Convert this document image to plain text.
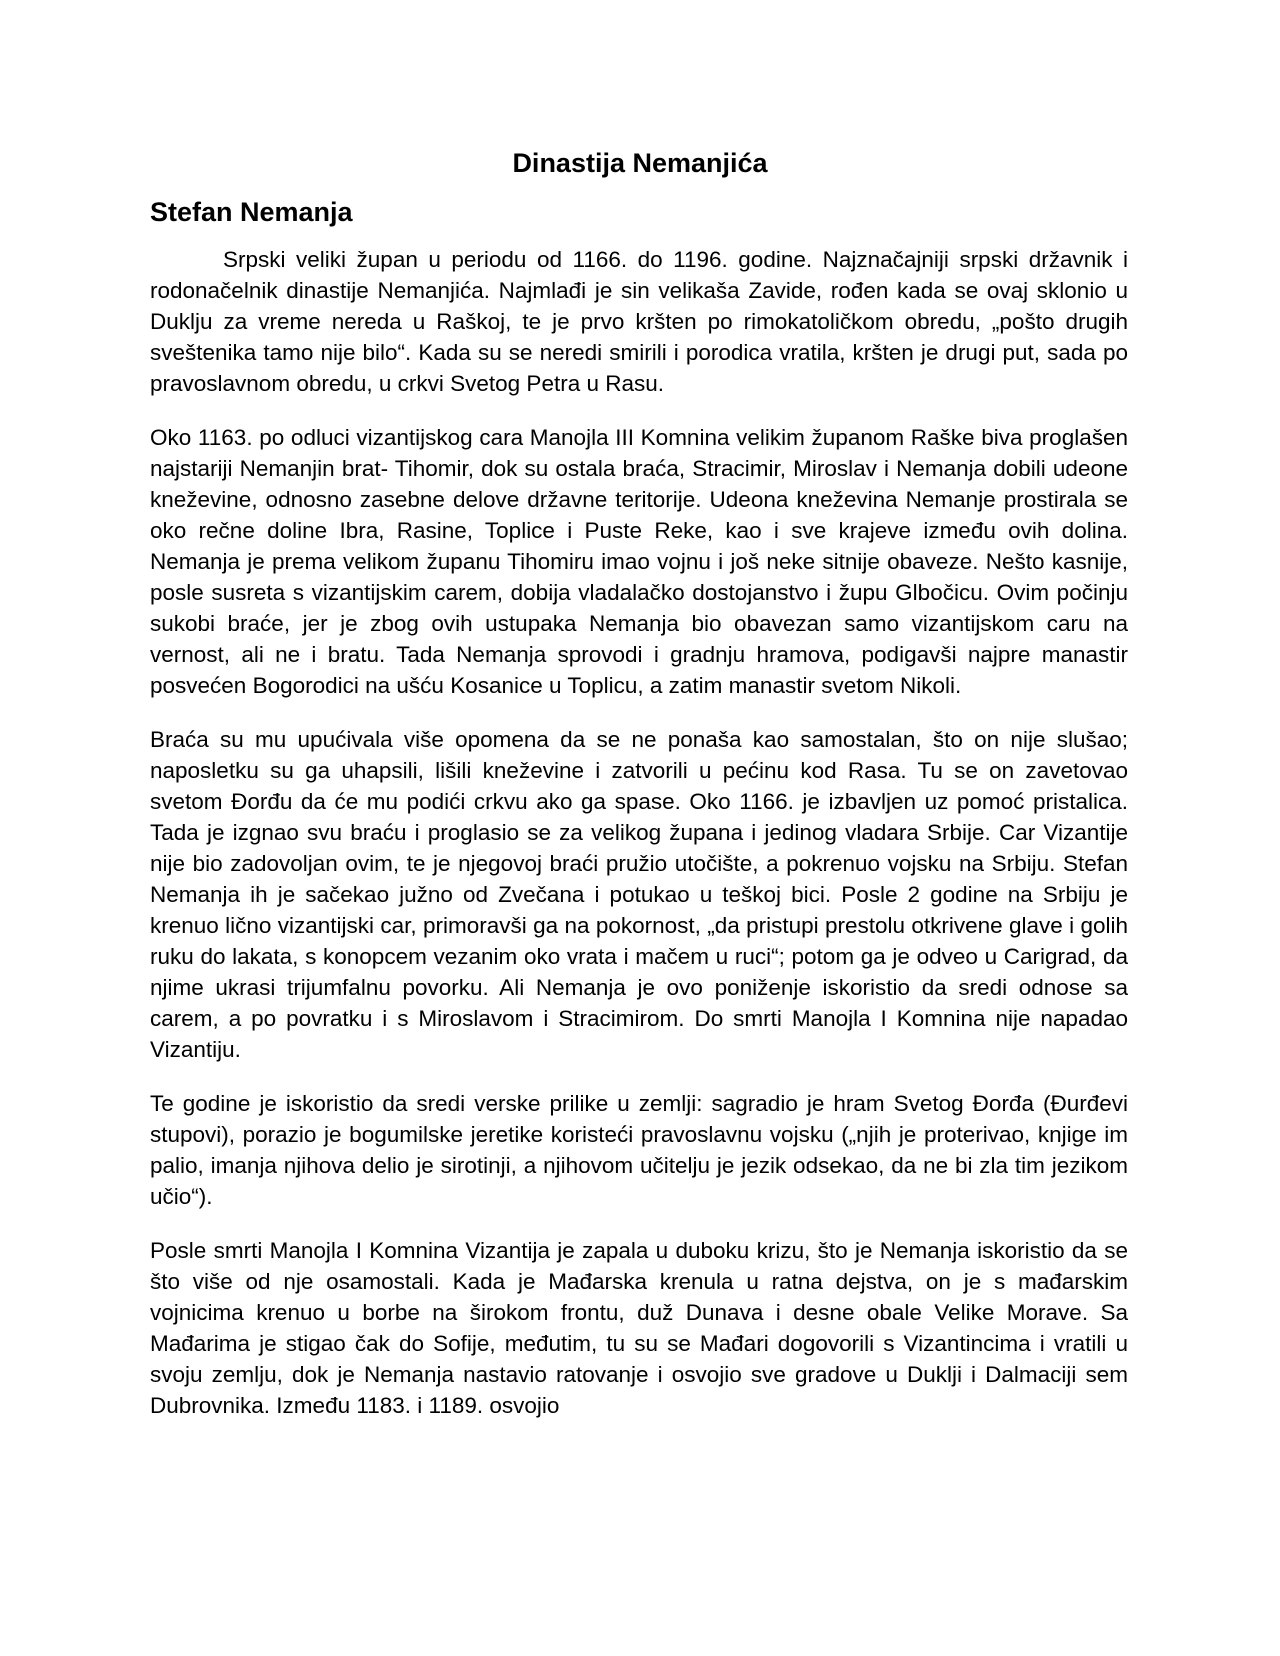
Dinastija Nemanjića
Stefan Nemanja

Srpski veliki župan u periodu od 1166. do 1196. godine. Najznačajniji srpski državnik i rodonačelnik dinastije Nemanjića. Najmlađi je sin velikaša Zavide, rođen kada se ovaj sklonio u Duklju za vreme nereda u Raškoj, te je prvo kršten po rimokatoličkom obredu, „pošto drugih sveštenika tamo nije bilo“. Kada su se neredi smirili i porodica vratila, kršten je drugi put, sada po pravoslavnom obredu, u crkvi Svetog Petra u Rasu.

Oko 1163. po odluci vizantijskog cara Manojla III Komnina velikim županom Raške biva proglašen najstariji Nemanjin brat- Tihomir, dok su ostala braća, Stracimir, Miroslav i Nemanja dobili udeone kneževine, odnosno zasebne delove državne teritorije. Udeona kneževina Nemanje prostirala se oko rečne doline Ibra, Rasine, Toplice i Puste Reke, kao i sve krajeve između ovih dolina. Nemanja je prema velikom županu Tihomiru imao vojnu i još neke sitnije obaveze. Nešto kasnije, posle susreta s vizantijskim carem, dobija vladalačko dostojanstvo i župu Glbočicu. Ovim počinju sukobi braće, jer je zbog ovih ustupaka Nemanja bio obavezan samo vizantijskom caru na vernost, ali ne i bratu. Tada Nemanja sprovodi i gradnju hramova, podigavši najpre manastir posvećen Bogorodici na ušću Kosanice u Toplicu, a zatim manastir svetom Nikoli.

Braća su mu upućivala više opomena da se ne ponaša kao samostalan, što on nije slušao; naposletku su ga uhapsili, lišili kneževine i zatvorili u pećinu kod Rasa. Tu se on zavetovao svetom Đorđu da će mu podići crkvu ako ga spase. Oko 1166. je izbavljen uz pomoć pristalica. Tada je izgnao svu braću i proglasio se za velikog župana i jedinog vladara Srbije. Car Vizantije nije bio zadovoljan ovim, te je njegovoj braći pružio utočište, a pokrenuo vojsku na Srbiju. Stefan Nemanja ih je sačekao južno od Zvečana i potukao u teškoj bici. Posle 2 godine na Srbiju je krenuo lično vizantijski car, primoravši ga na pokornost, „da pristupi prestolu otkrivene glave i golih ruku do lakata, s konopcem vezanim oko vrata i mačem u ruci“; potom ga je odveo u Carigrad, da njime ukrasi trijumfalnu povorku. Ali Nemanja je ovo poniženje iskoristio da sredi odnose sa carem, a po povratku i s Miroslavom i Stracimirom. Do smrti Manojla I Komnina nije napadao Vizantiju.

Te godine je iskoristio da sredi verske prilike u zemlji: sagradio je hram Svetog Đorđa (Đurđevi stupovi), porazio je bogumilske jeretike koristeći pravoslavnu vojsku („njih je proterivao, knjige im palio, imanja njihova delio je sirotinji, a njihovom učitelju je jezik odsekao, da ne bi zla tim jezikom učio“).

Posle smrti Manojla I Komnina Vizantija je zapala u duboku krizu, što je Nemanja iskoristio da se što više od nje osamostali. Kada je Mađarska krenula u ratna dejstva, on je s mađarskim vojnicima krenuo u borbe na širokom frontu, duž Dunava i desne obale Velike Morave. Sa Mađarima je stigao čak do Sofije, međutim, tu su se Mađari dogovorili s Vizantincima i vratili u svoju zemlju, dok je Nemanja nastavio ratovanje i osvojio sve gradove u Duklji i Dalmaciji sem Dubrovnika. Između 1183. i 1189. osvojio
